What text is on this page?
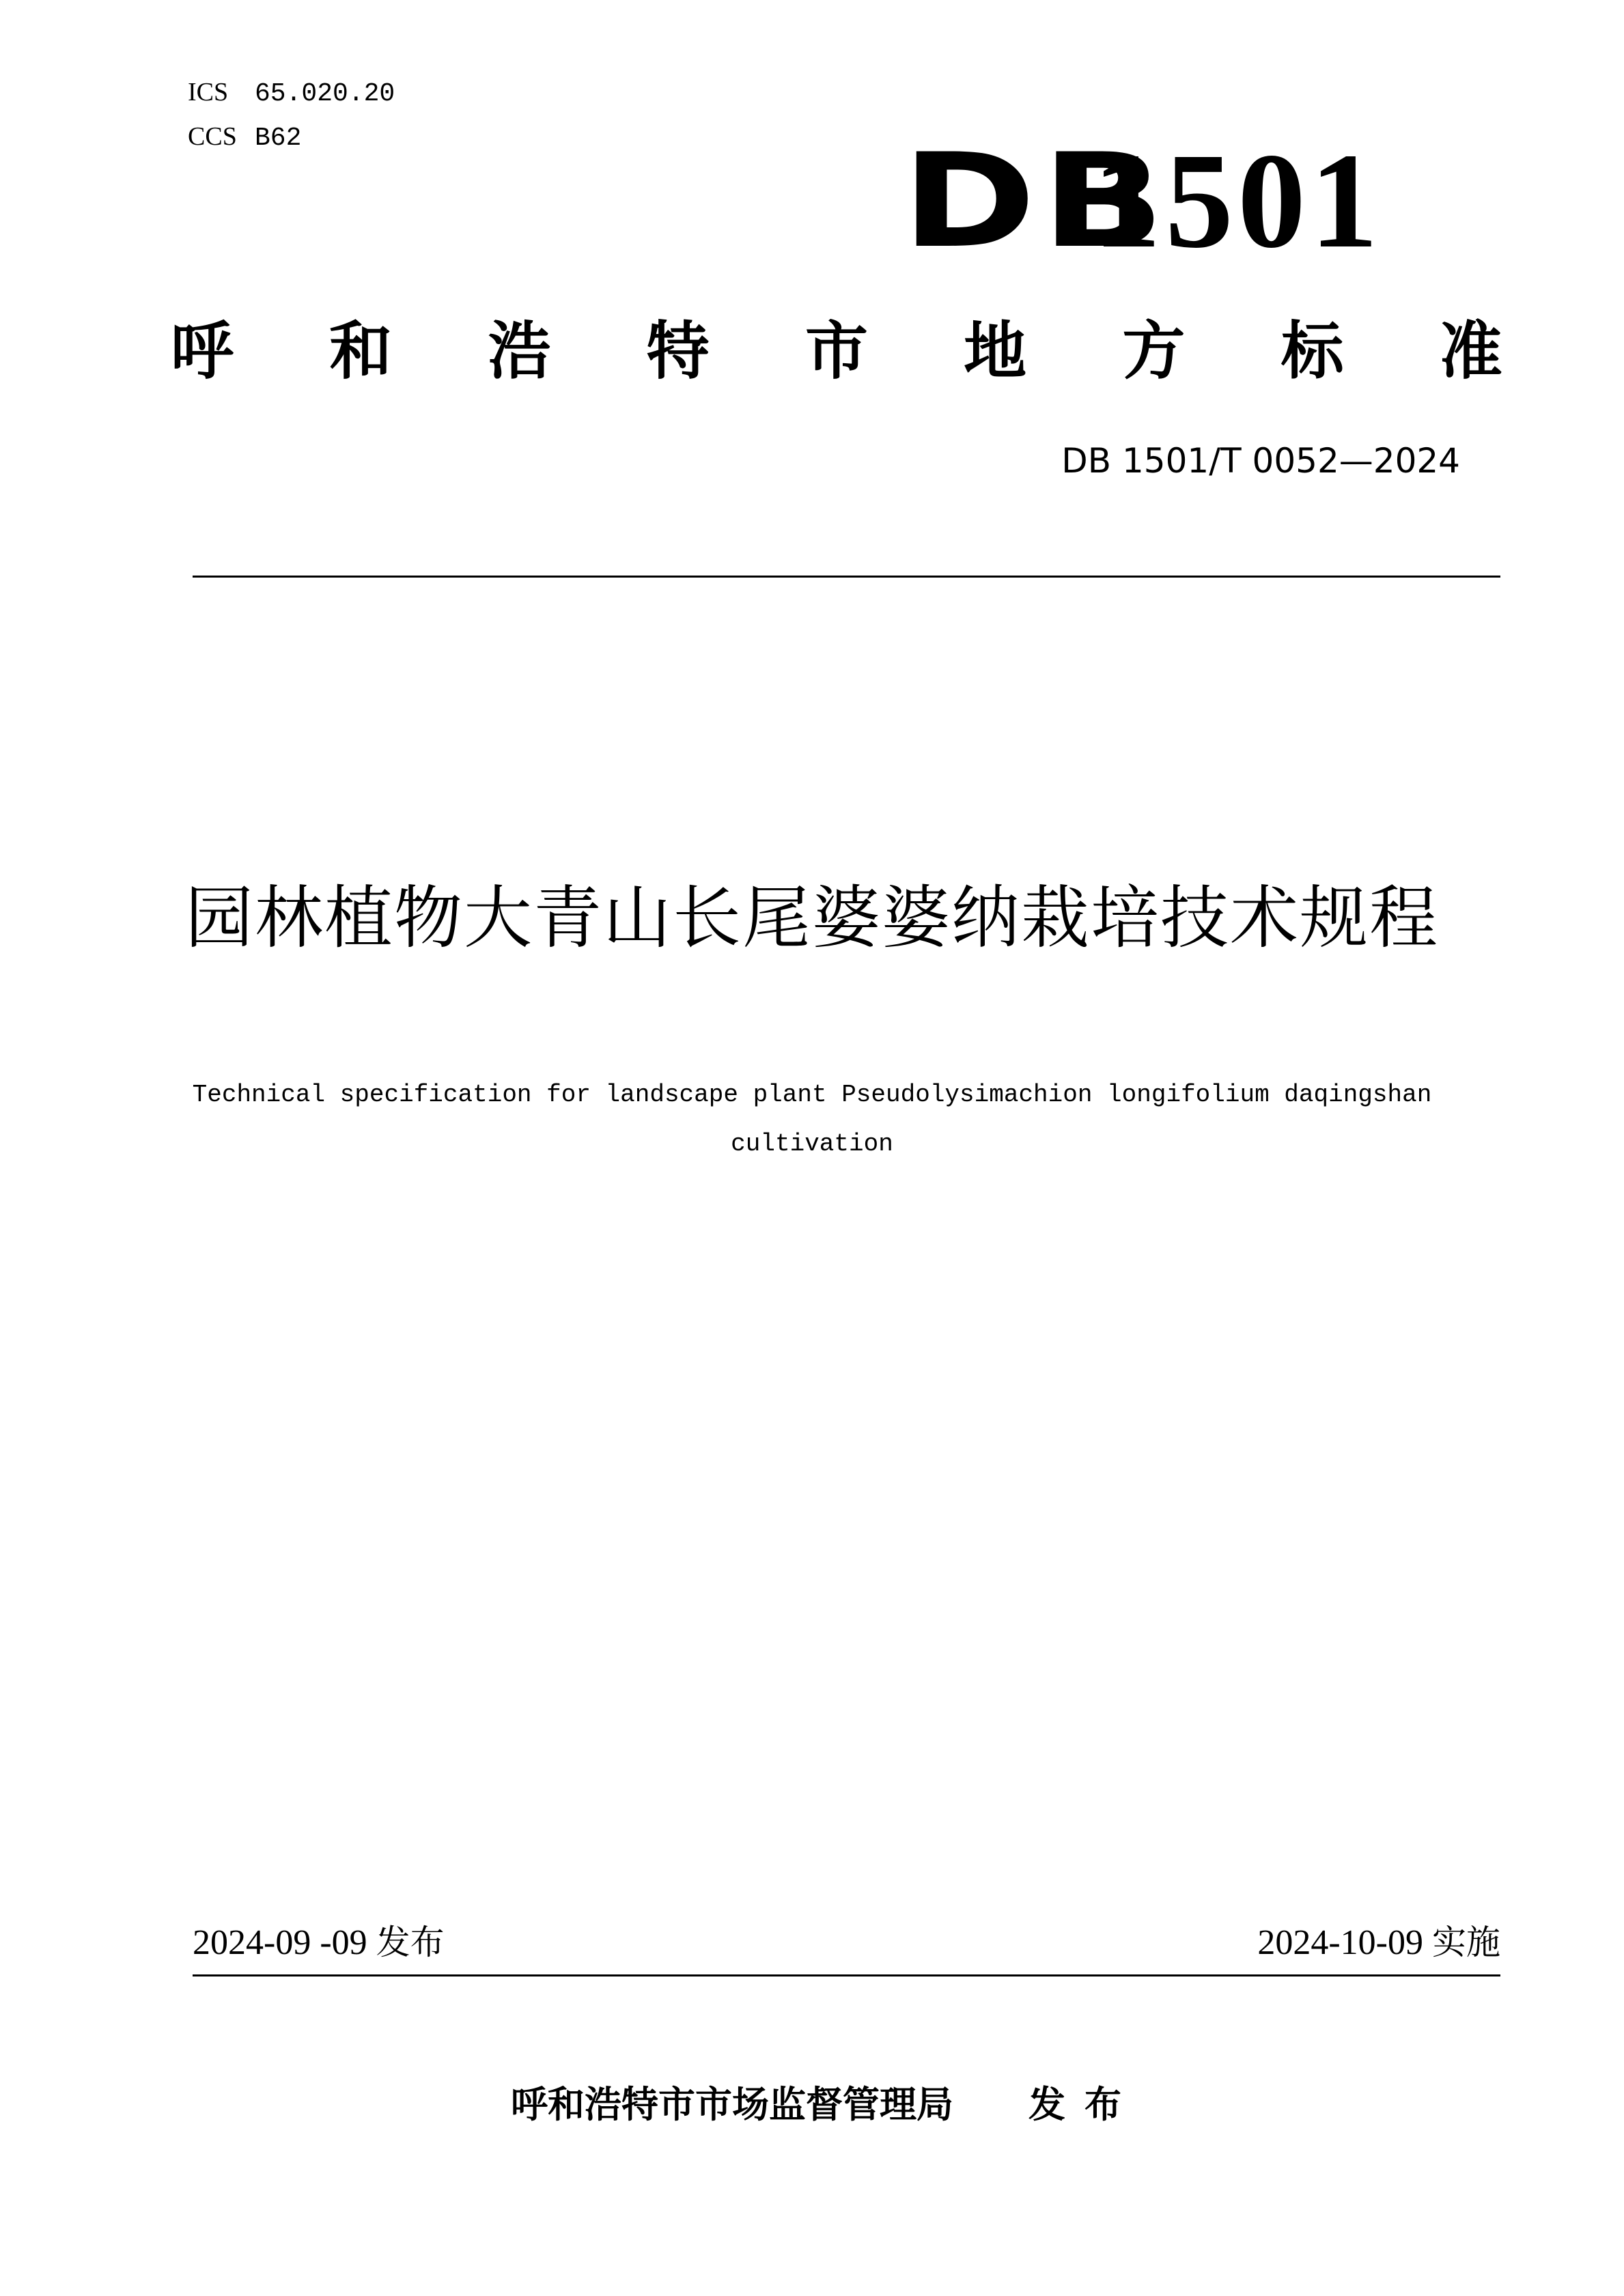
ICS 65.020.20
CCS B62	DB
1501
呼 和 浩 特 市 地 方 标 准
DB 1501/T 0052—2024
园林植物大青山长尾婆婆纳栽培技术规程
Technical specification for landscape plant Pseudolysimachion longifolium daqingshan
cultivation
2024-09 -09 发布	2024-10-09 实施
呼和浩特市市场监督管理局 发布
